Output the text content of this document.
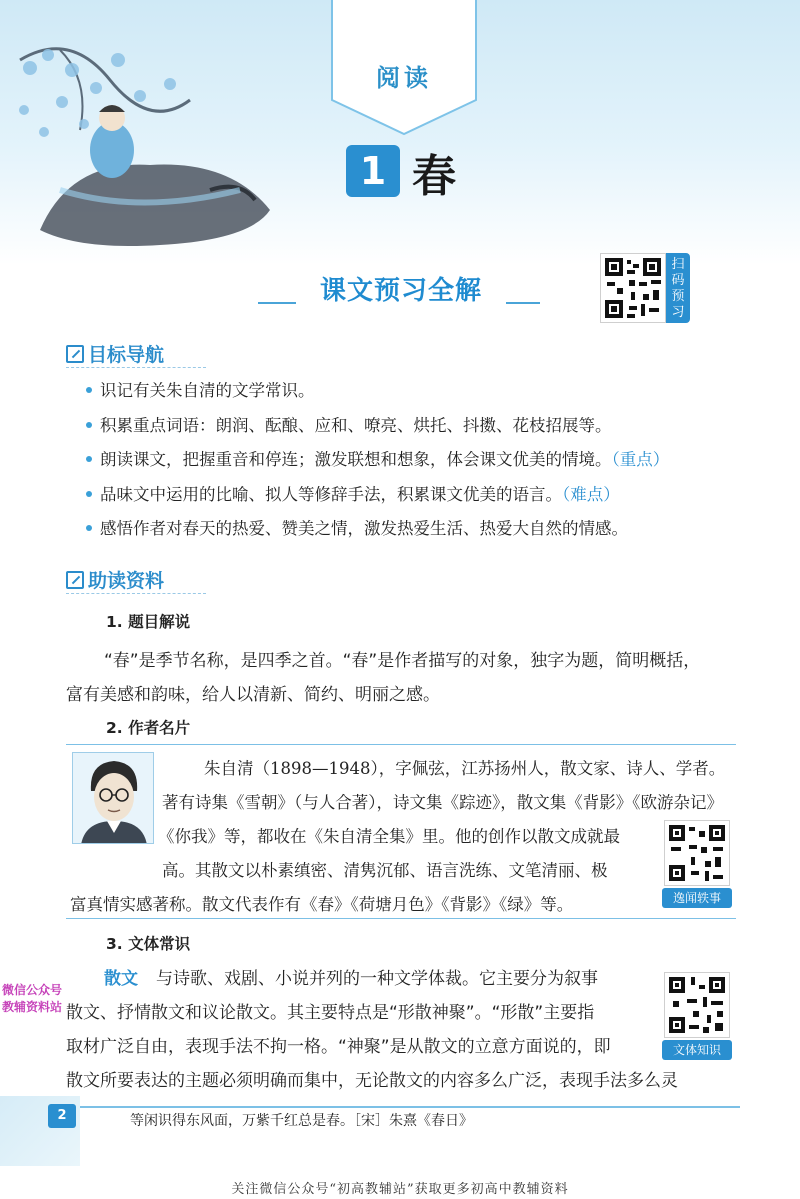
阅读
1 春
课文预习全解
扫码预习
目标导航
识记有关朱自清的文学常识。
积累重点词语：朗润、酝酿、应和、嘹亮、烘托、抖擞、花枝招展等。
朗读课文，把握重音和停连；激发联想和想象，体会课文优美的情境。（重点）
品味文中运用的比喻、拟人等修辞手法，积累课文优美的语言。（难点）
感悟作者对春天的热爱、赞美之情，激发热爱生活、热爱大自然的情感。
助读资料
1. 题目解说
“春”是季节名称，是四季之首。“春”是作者描写的对象，独字为题，简明概括，
富有美感和韵味，给人以清新、简约、明丽之感。
2. 作者名片
朱自清（1898—1948），字佩弦，江苏扬州人，散文家、诗人、学者。
著有诗集《雪朝》（与人合著），诗文集《踪迹》，散文集《背影》《欧游杂记》
《你我》等，都收在《朱自清全集》里。他的创作以散文成就最
高。其散文以朴素缜密、清隽沉郁、语言洗练、文笔清丽、极
富真情实感著称。散文代表作有《春》《荷塘月色》《背影》《绿》等。	逸闻轶事
3. 文体常识
散文 与诗歌、戏剧、小说并列的一种文学体裁。它主要分为叙事
散文、抒情散文和议论散文。其主要特点是“形散神聚”。“形散”主要指
取材广泛自由，表现手法不拘一格。“神聚”是从散文的立意方面说的，即
散文所要表达的主题必须明确而集中，无论散文的内容多么广泛，表现手法多么灵
文体知识
微信公众号
教辅资料站
2	等闲识得东风面，万紫千红总是春。［宋］朱熹《春日》
关注微信公众号“初高教辅站”获取更多初高中教辅资料
